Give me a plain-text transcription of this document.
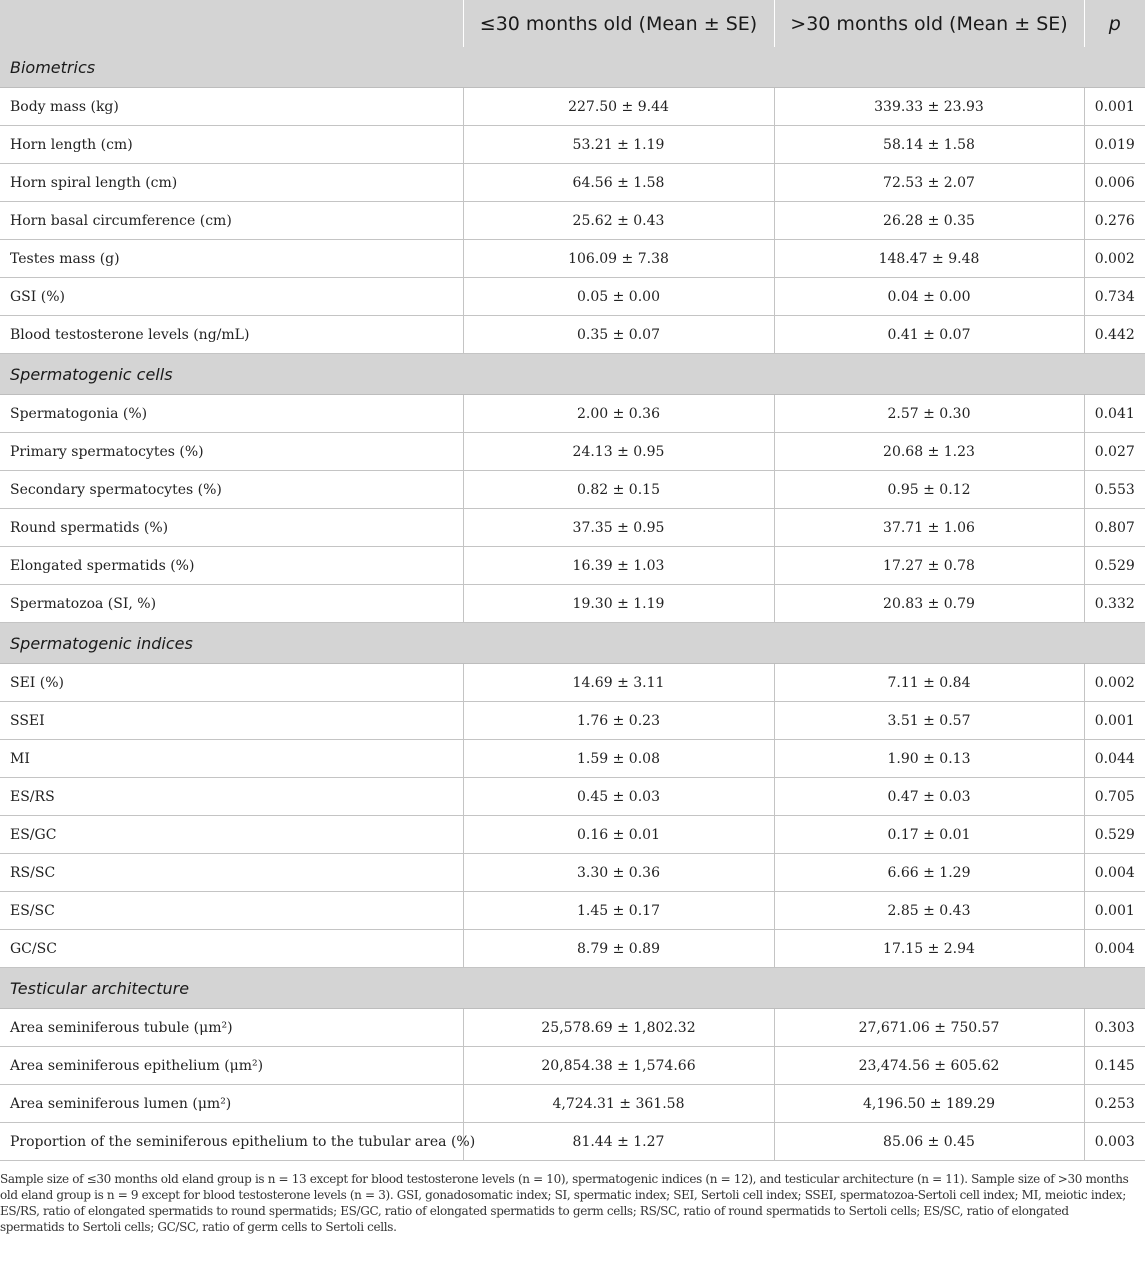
	≤30 months old (Mean ± SE)	>30 months old (Mean ± SE)	p
Biometrics			
Body mass (kg)	227.50 ± 9.44	339.33 ± 23.93	0.001
Horn length (cm)	53.21 ± 1.19	58.14 ± 1.58	0.019
Horn spiral length (cm)	64.56 ± 1.58	72.53 ± 2.07	0.006
Horn basal circumference (cm)	25.62 ± 0.43	26.28 ± 0.35	0.276
Testes mass (g)	106.09 ± 7.38	148.47 ± 9.48	0.002
GSI (%)	0.05 ± 0.00	0.04 ± 0.00	0.734
Blood testosterone levels (ng/mL)	0.35 ± 0.07	0.41 ± 0.07	0.442
Spermatogenic cells			
Spermatogonia (%)	2.00 ± 0.36	2.57 ± 0.30	0.041
Primary spermatocytes (%)	24.13 ± 0.95	20.68 ± 1.23	0.027
Secondary spermatocytes (%)	0.82 ± 0.15	0.95 ± 0.12	0.553
Round spermatids (%)	37.35 ± 0.95	37.71 ± 1.06	0.807
Elongated spermatids (%)	16.39 ± 1.03	17.27 ± 0.78	0.529
Spermatozoa (SI, %)	19.30 ± 1.19	20.83 ± 0.79	0.332
Spermatogenic indices			
SEI (%)	14.69 ± 3.11	7.11 ± 0.84	0.002
SSEI	1.76 ± 0.23	3.51 ± 0.57	0.001
MI	1.59 ± 0.08	1.90 ± 0.13	0.044
ES/RS	0.45 ± 0.03	0.47 ± 0.03	0.705
ES/GC	0.16 ± 0.01	0.17 ± 0.01	0.529
RS/SC	3.30 ± 0.36	6.66 ± 1.29	0.004
ES/SC	1.45 ± 0.17	2.85 ± 0.43	0.001
GC/SC	8.79 ± 0.89	17.15 ± 2.94	0.004
Testicular architecture			
Area seminiferous tubule (μm²)	25,578.69 ± 1,802.32	27,671.06 ± 750.57	0.303
Area seminiferous epithelium (μm²)	20,854.38 ± 1,574.66	23,474.56 ± 605.62	0.145
Area seminiferous lumen (μm²)	4,724.31 ± 361.58	4,196.50 ± 189.29	0.253
Proportion of the seminiferous epithelium to the tubular area (%)	81.44 ± 1.27	85.06 ± 0.45	0.003
Sample size of ≤30 months old eland group is n = 13 except for blood testosterone levels (n = 10), spermatogenic indices (n = 12), and testicular architecture (n = 11). Sample size of >30 months old eland group is n = 9 except for blood testosterone levels (n = 3). GSI, gonadosomatic index; SI, spermatic index; SEI, Sertoli cell index; SSEI, spermatozoa-Sertoli cell index; MI, meiotic index; ES/RS, ratio of elongated spermatids to round spermatids; ES/GC, ratio of elongated spermatids to germ cells; RS/SC, ratio of round spermatids to Sertoli cells; ES/SC, ratio of elongated spermatids to Sertoli cells; GC/SC, ratio of germ cells to Sertoli cells.
